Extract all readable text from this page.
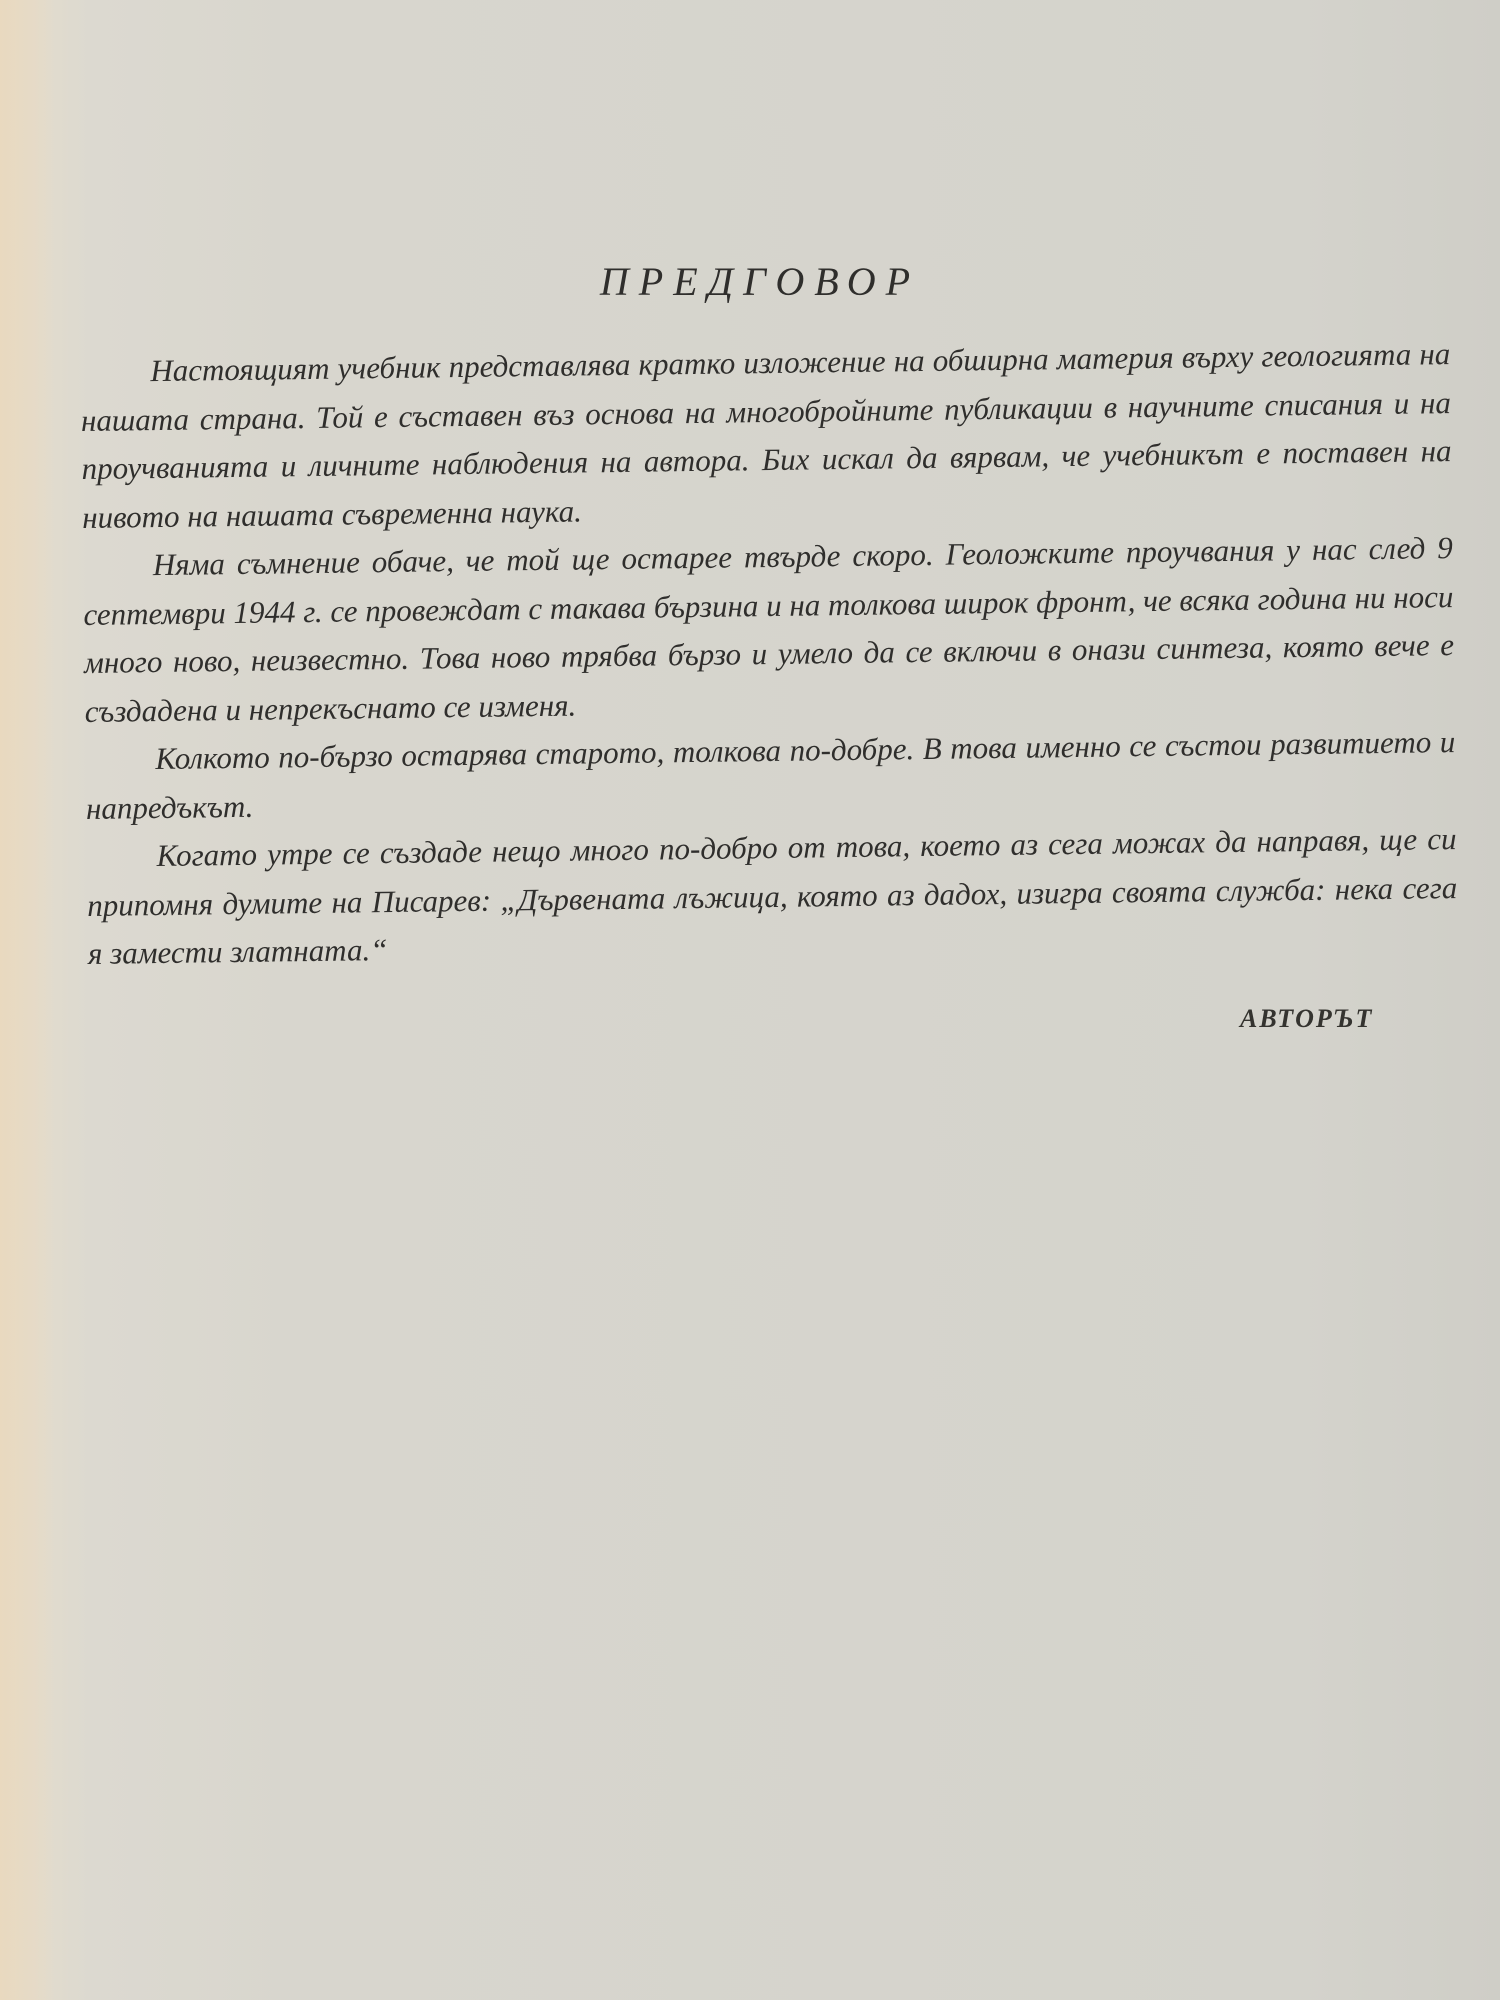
ПРЕДГОВОР

Настоящият учебник представлява кратко изложение на обширна материя върху геологията на нашата страна. Той е съставен въз основа на многобройните публикации в научните списания и на проучванията и личните наблюдения на автора. Бих искал да вярвам, че учебникът е поставен на нивото на нашата съвременна наука.

Няма съмнение обаче, че той ще остарее твърде скоро. Геоложките проучвания у нас след 9 септември 1944 г. се провеждат с такава бързина и на толкова широк фронт, че всяка година ни носи много ново, неизвестно. Това ново трябва бързо и умело да се включи в онази синтеза, която вече е създадена и непрекъснато се изменя.

Колкото по-бързо остарява старото, толкова по-добре. В това именно се състои развитието и напредъкът.

Когато утре се създаде нещо много по-добро от това, което аз сега можах да направя, ще си припомня думите на Писарев: „Дървената лъжица, която аз дадох, изигра своята служба: нека сега я замести златната.“

АВТОРЪТ
